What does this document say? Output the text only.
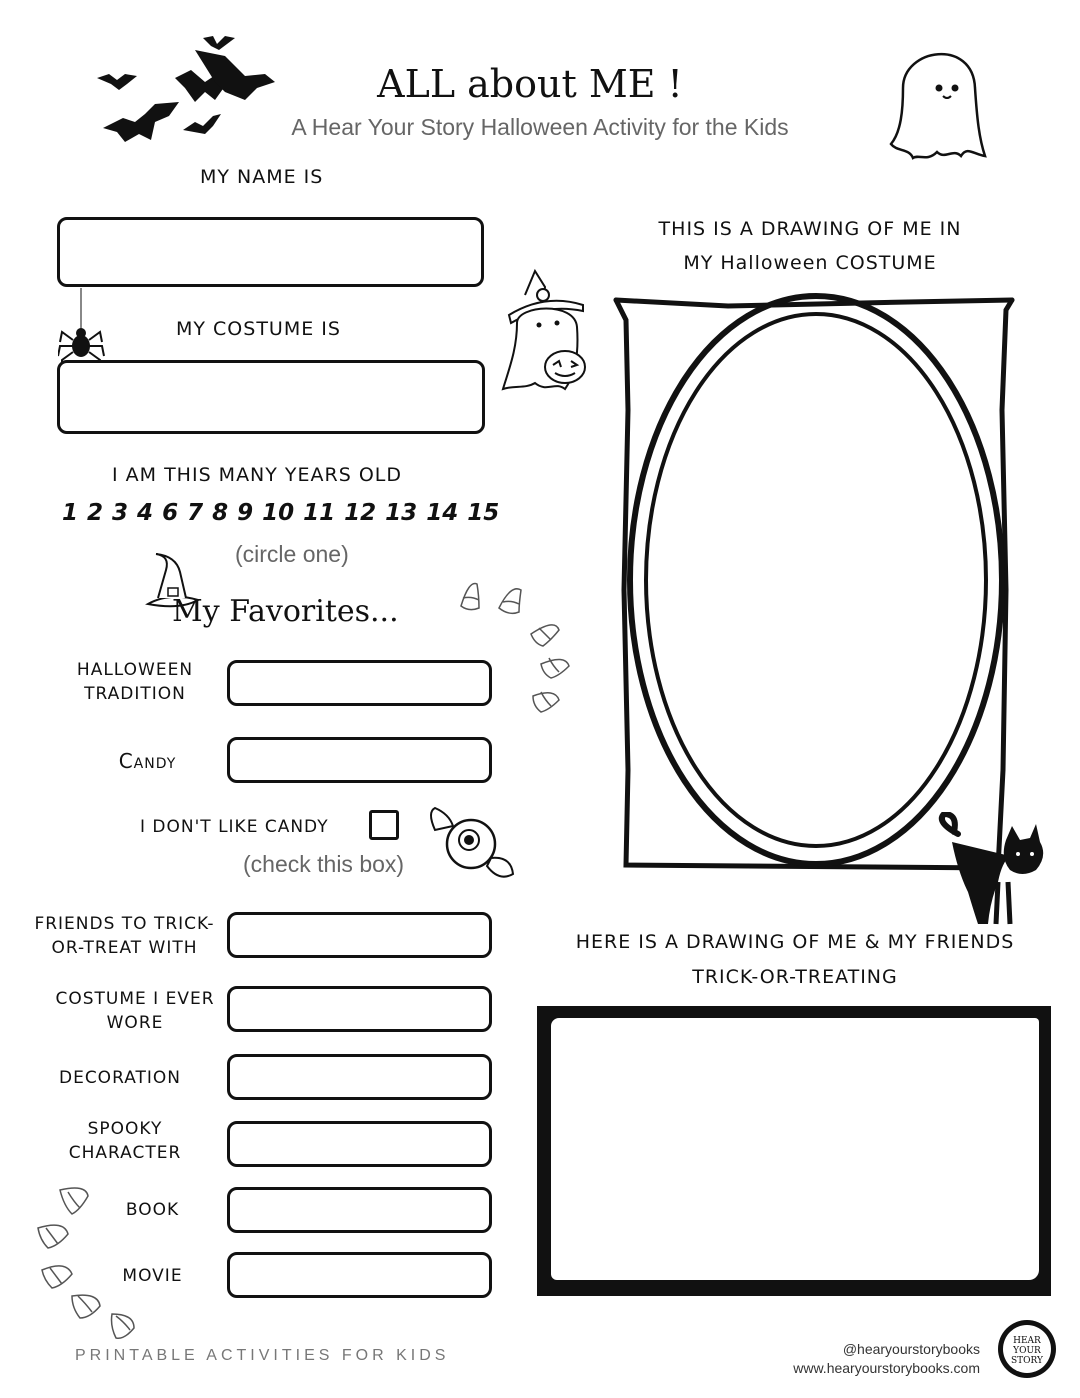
ALL about ME !
A Hear Your Story Halloween Activity for the Kids
MY NAME IS
MY COSTUME IS
I AM THIS MANY YEARS OLD
1 2 3 4 6 7 8 9 10 11 12 13 14 15
(circle one)
My Favorites...
HALLOWEEN TRADITION
Candy
I DON'T LIKE CANDY
(check this box)
FRIENDS TO TRICK-OR-TREAT WITH
COSTUME I EVER WORE
DECORATION
SPOOKY CHARACTER
BOOK
MOVIE
THIS IS A DRAWING OF ME IN
MY Halloween COSTUME
HERE IS A DRAWING OF ME & MY FRIENDS
TRICK-OR-TREATING
PRINTABLE ACTIVITIES FOR KIDS	@hearyourstorybooks
www.hearyourstorybooks.com
HEAR
YOUR
STORY
